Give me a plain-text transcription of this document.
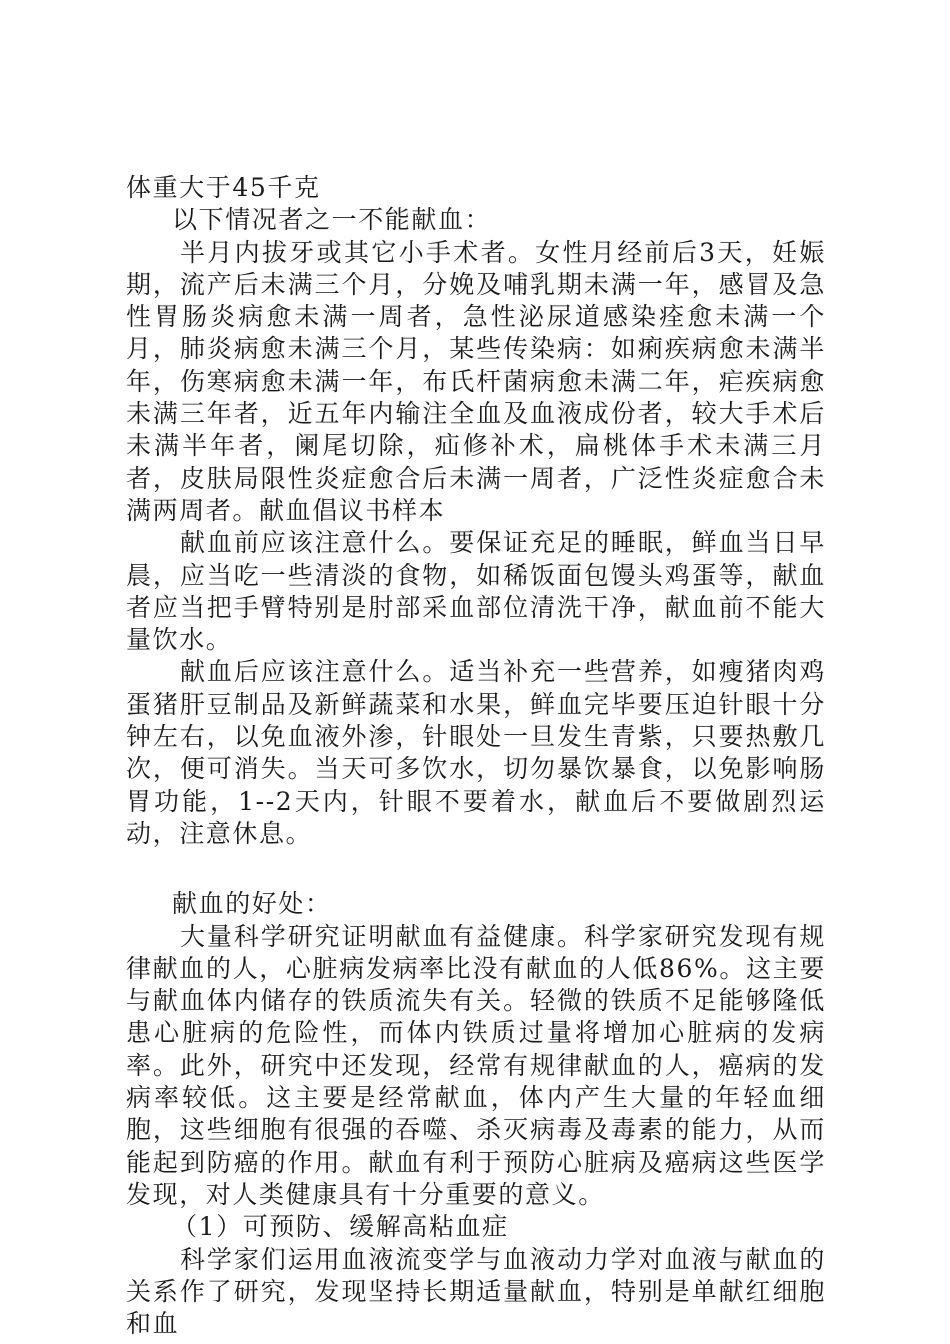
体重大于45千克

以下情况者之一不能献血：

半月内拔牙或其它小手术者。女性月经前后3天，妊娠期，流产后未满三个月，分娩及哺乳期未满一年，感冒及急性胃肠炎病愈未满一周者，急性泌尿道感染痊愈未满一个月，肺炎病愈未满三个月，某些传染病：如痢疾病愈未满半年，伤寒病愈未满一年，布氏杆菌病愈未满二年，疟疾病愈未满三年者，近五年内输注全血及血液成份者，较大手术后未满半年者，阑尾切除，疝修补术，扁桃体手术未满三月者，皮肤局限性炎症愈合后未满一周者，广泛性炎症愈合未满两周者。献血倡议书样本

献血前应该注意什么。要保证充足的睡眠，鲜血当日早晨，应当吃一些清淡的食物，如稀饭面包馒头鸡蛋等，献血者应当把手臂特别是肘部采血部位清洗干净，献血前不能大量饮水。

献血后应该注意什么。适当补充一些营养，如瘦猪肉鸡蛋猪肝豆制品及新鲜蔬菜和水果，鲜血完毕要压迫针眼十分钟左右，以免血液外渗，针眼处一旦发生青紫，只要热敷几次，便可消失。当天可多饮水，切勿暴饮暴食，以免影响肠胃功能，1--2天内，针眼不要着水，献血后不要做剧烈运动，注意休息。

献血的好处：

大量科学研究证明献血有益健康。科学家研究发现有规律献血的人，心脏病发病率比没有献血的人低86%。这主要与献血体内储存的铁质流失有关。轻微的铁质不足能够隆低患心脏病的危险性，而体内铁质过量将增加心脏病的发病率。此外，研究中还发现，经常有规律献血的人，癌病的发病率较低。这主要是经常献血，体内产生大量的年轻血细胞，这些细胞有很强的吞噬、杀灭病毒及毒素的能力，从而能起到防癌的作用。献血有利于预防心脏病及癌病这些医学发现，对人类健康具有十分重要的意义。

（1）可预防、缓解高粘血症

科学家们运用血液流变学与血液动力学对血液与献血的关系作了研究，发现坚持长期适量献血，特别是单献红细胞和血
